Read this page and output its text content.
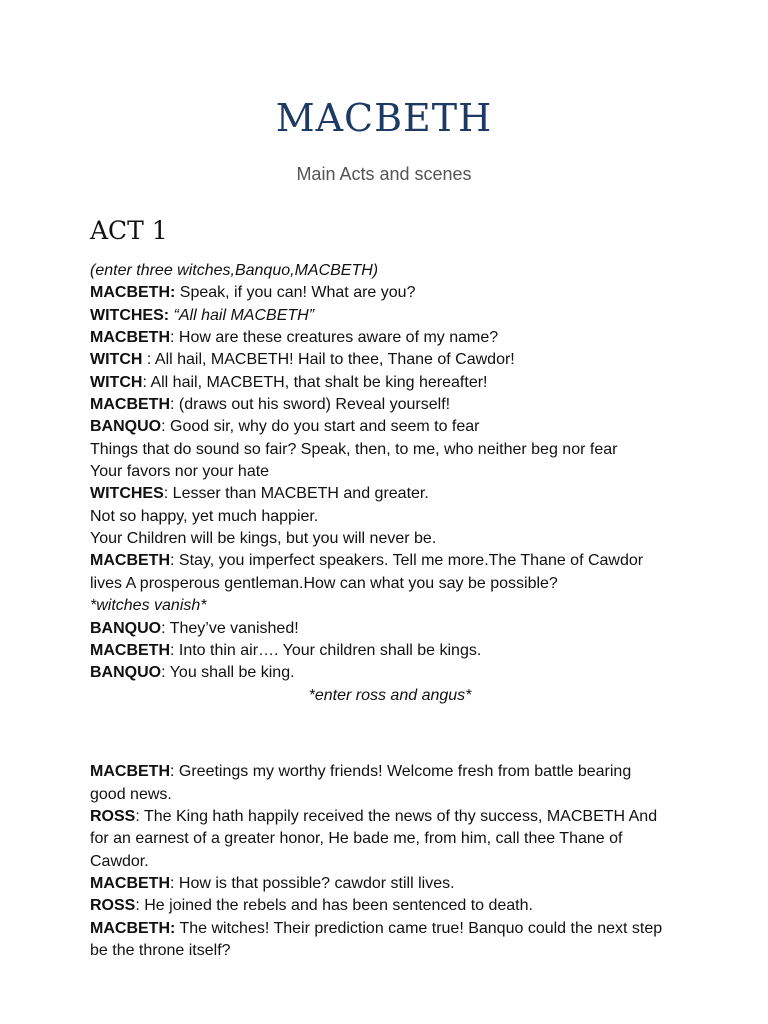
MACBETH

Main Acts and scenes

ACT 1

(enter three witches,Banquo,MACBETH)

MACBETH: Speak, if you can! What are you?

WITCHES: “All hail MACBETH”

MACBETH: How are these creatures aware of my name?

WITCH : All hail, MACBETH! Hail to thee, Thane of Cawdor!

WITCH: All hail, MACBETH, that shalt be king hereafter!

MACBETH: (draws out his sword) Reveal yourself!

BANQUO: Good sir, why do you start and seem to fear

Things that do sound so fair? Speak, then, to me, who neither beg nor fear

Your favors nor your hate

WITCHES: Lesser than MACBETH and greater.

Not so happy, yet much happier.

Your Children will be kings, but you will never be.

MACBETH: Stay, you imperfect speakers. Tell me more.The Thane of Cawdor

lives A prosperous gentleman.How can what you say be possible?

*witches vanish*

BANQUO: They’ve vanished!

MACBETH: Into thin air…. Your children shall be kings.

BANQUO: You shall be king.

*enter ross and angus*

MACBETH: Greetings my worthy friends! Welcome fresh from battle bearing

good news.

ROSS: The King hath happily received the news of thy success, MACBETH And

for an earnest of a greater honor, He bade me, from him, call thee Thane of

Cawdor.

MACBETH: How is that possible? cawdor still lives.

ROSS: He joined the rebels and has been sentenced to death.

MACBETH: The witches! Their prediction came true! Banquo could the next step

be the throne itself?
